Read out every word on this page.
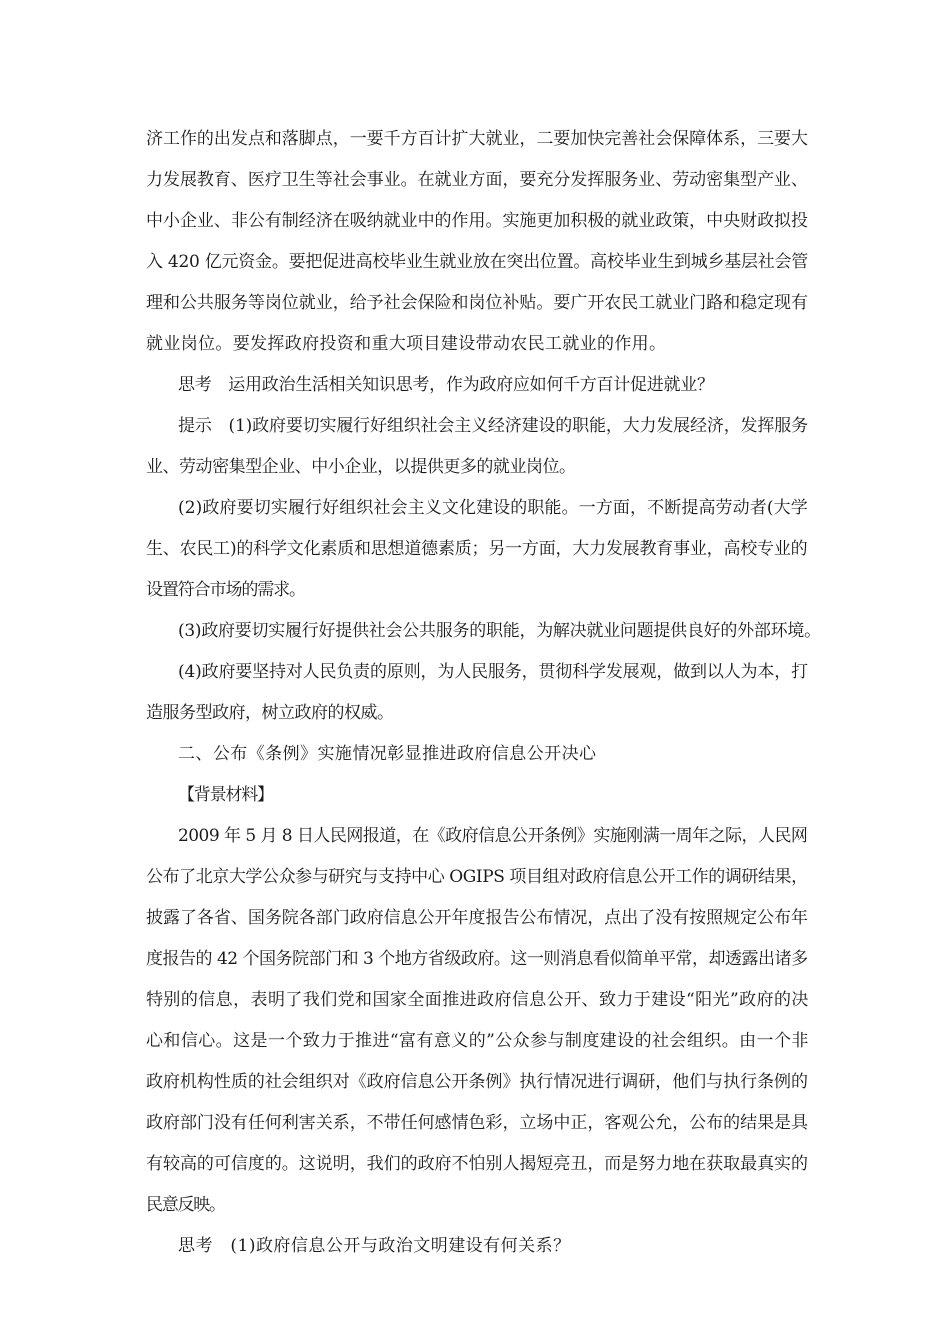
济工作的出发点和落脚点，一要千方百计扩大就业，二要加快完善社会保障体系，三要大
力发展教育、医疗卫生等社会事业。在就业方面，要充分发挥服务业、劳动密集型产业、
中小企业、非公有制经济在吸纳就业中的作用。实施更加积极的就业政策，中央财政拟投
入 420 亿元资金。要把促进高校毕业生就业放在突出位置。高校毕业生到城乡基层社会管
理和公共服务等岗位就业，给予社会保险和岗位补贴。要广开农民工就业门路和稳定现有
就业岗位。要发挥政府投资和重大项目建设带动农民工就业的作用。
思考　运用政治生活相关知识思考，作为政府应如何千方百计促进就业？
提示　(1)政府要切实履行好组织社会主义经济建设的职能，大力发展经济，发挥服务
业、劳动密集型企业、中小企业，以提供更多的就业岗位。
(2)政府要切实履行好组织社会主义文化建设的职能。一方面，不断提高劳动者(大学
生、农民工)的科学文化素质和思想道德素质；另一方面，大力发展教育事业，高校专业的
设置符合市场的需求。
(3)政府要切实履行好提供社会公共服务的职能，为解决就业问题提供良好的外部环境。
(4)政府要坚持对人民负责的原则，为人民服务，贯彻科学发展观，做到以人为本，打
造服务型政府，树立政府的权威。
二、公布《条例》实施情况彰显推进政府信息公开决心
【背景材料】
2009 年 5 月 8 日人民网报道，在《政府信息公开条例》实施刚满一周年之际，人民网
公布了北京大学公众参与研究与支持中心 OGIPS 项目组对政府信息公开工作的调研结果，
披露了各省、国务院各部门政府信息公开年度报告公布情况，点出了没有按照规定公布年
度报告的 42 个国务院部门和 3 个地方省级政府。这一则消息看似简单平常，却透露出诸多
特别的信息，表明了我们党和国家全面推进政府信息公开、致力于建设“阳光”政府的决
心和信心。这是一个致力于推进“富有意义的”公众参与制度建设的社会组织。由一个非
政府机构性质的社会组织对《政府信息公开条例》执行情况进行调研，他们与执行条例的
政府部门没有任何利害关系，不带任何感情色彩，立场中正，客观公允，公布的结果是具
有较高的可信度的。这说明，我们的政府不怕别人揭短亮丑，而是努力地在获取最真实的
民意反映。
思考　(1)政府信息公开与政治文明建设有何关系？
